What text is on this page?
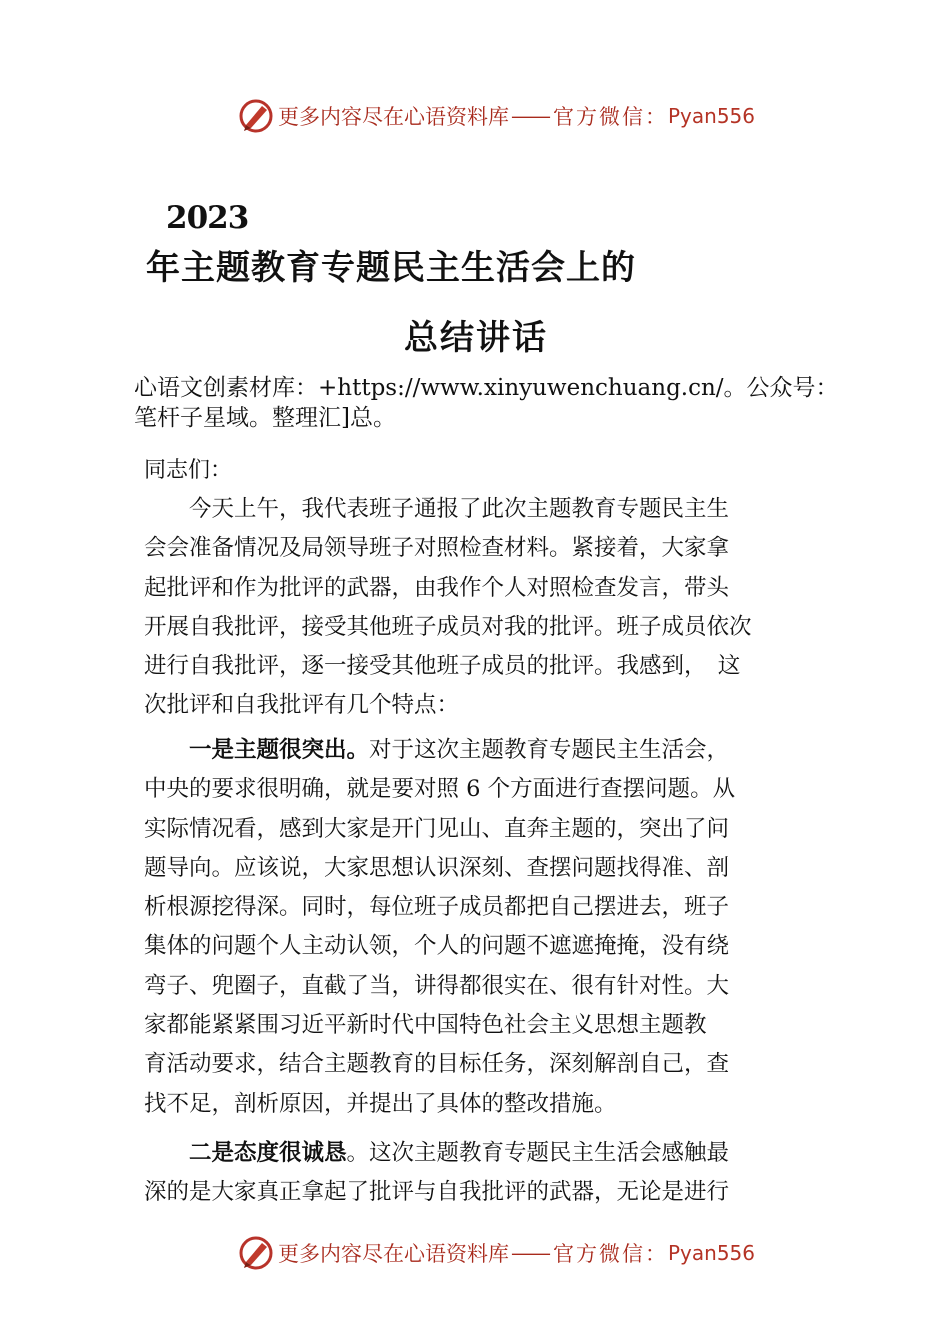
更多内容尽在心语资料库 —— 官方微信： Pyan556
2023
年主题教育专题民主生活会上的
总结讲话
心语文创素材库：+https://www.xinyuwenchuang.cn/。公众号：
笔杆子星域。整理汇]总。
同志们：
　　今天上午，我代表班子通报了此次主题教育专题民主生
会会准备情况及局领导班子对照检查材料。紧接着，大家拿
起批评和作为批评的武器，由我作个人对照检查发言，带头
开展自我批评，接受其他班子成员对我的批评。班子成员依次
进行自我批评，逐一接受其他班子成员的批评。我感到，　这
次批评和自我批评有几个特点：
　　一是主题很突出。对于这次主题教育专题民主生活会，
中央的要求很明确，就是要对照 6 个方面进行查摆问题。从
实际情况看，感到大家是开门见山、直奔主题的，突出了问
题导向。应该说，大家思想认识深刻、查摆问题找得准、剖
析根源挖得深。同时，每位班子成员都把自己摆进去，班子
集体的问题个人主动认领，个人的问题不遮遮掩掩，没有绕
弯子、兜圈子，直截了当，讲得都很实在、很有针对性。大
家都能紧紧围习近平新时代中国特色社会主义思想主题教
育活动要求，结合主题教育的目标任务，深刻解剖自己，查
找不足，剖析原因，并提出了具体的整改措施。
　　二是态度很诚恳。这次主题教育专题民主生活会感触最
深的是大家真正拿起了批评与自我批评的武器，无论是进行
更多内容尽在心语资料库 —— 官方微信： Pyan556
